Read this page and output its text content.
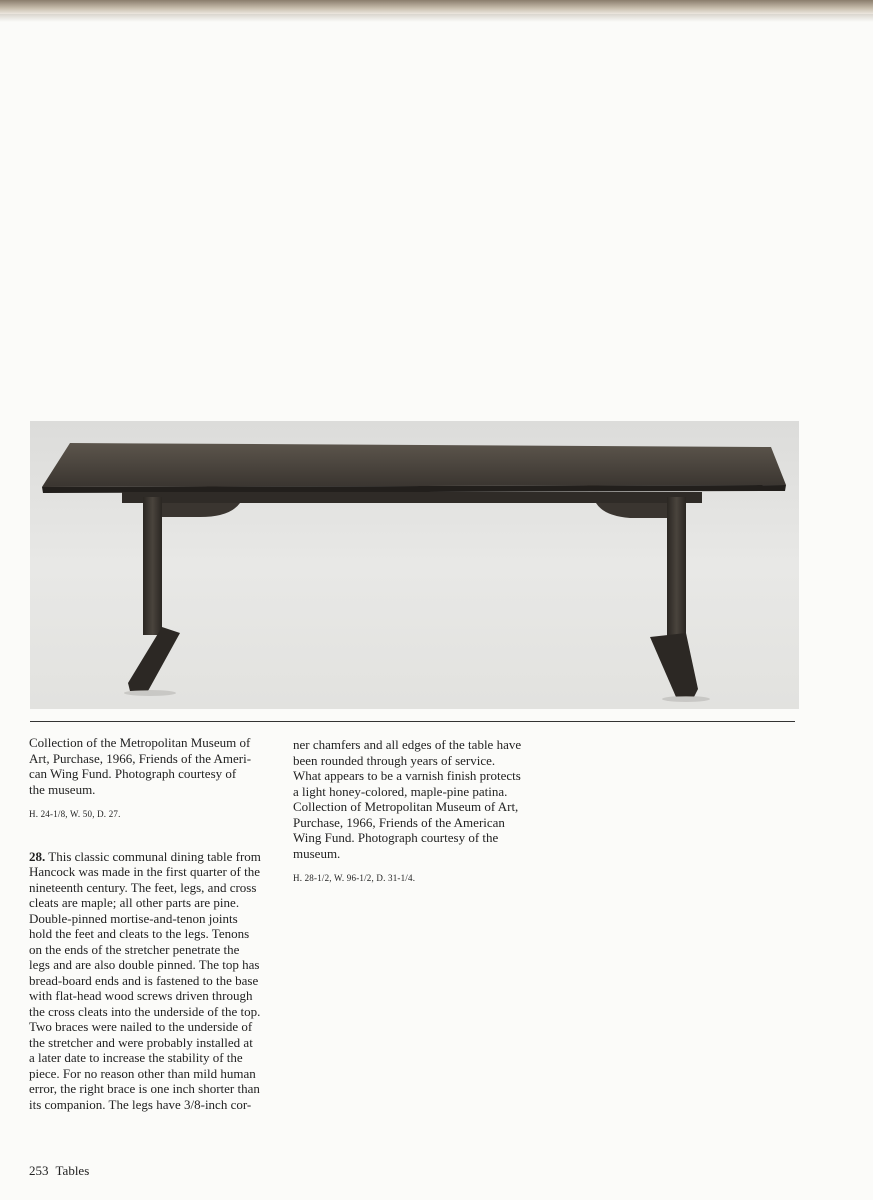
Collection of the Metropolitan Museum of
Art, Purchase, 1966, Friends of the Ameri-
can Wing Fund. Photograph courtesy of
the museum.
H. 24-1/8, W. 50, D. 27.
28. This classic communal dining table from
Hancock was made in the first quarter of the
nineteenth century. The feet, legs, and cross
cleats are maple; all other parts are pine.
Double-pinned mortise-and-tenon joints
hold the feet and cleats to the legs. Tenons
on the ends of the stretcher penetrate the
legs and are also double pinned. The top has
bread-board ends and is fastened to the base
with flat-head wood screws driven through
the cross cleats into the underside of the top.
Two braces were nailed to the underside of
the stretcher and were probably installed at
a later date to increase the stability of the
piece. For no reason other than mild human
error, the right brace is one inch shorter than
its companion. The legs have 3/8-inch cor-
ner chamfers and all edges of the table have
been rounded through years of service.
What appears to be a varnish finish protects
a light honey-colored, maple-pine patina.
Collection of Metropolitan Museum of Art,
Purchase, 1966, Friends of the American
Wing Fund. Photograph courtesy of the
museum.
H. 28-1/2, W. 96-1/2, D. 31-1/4.
253 Tables
